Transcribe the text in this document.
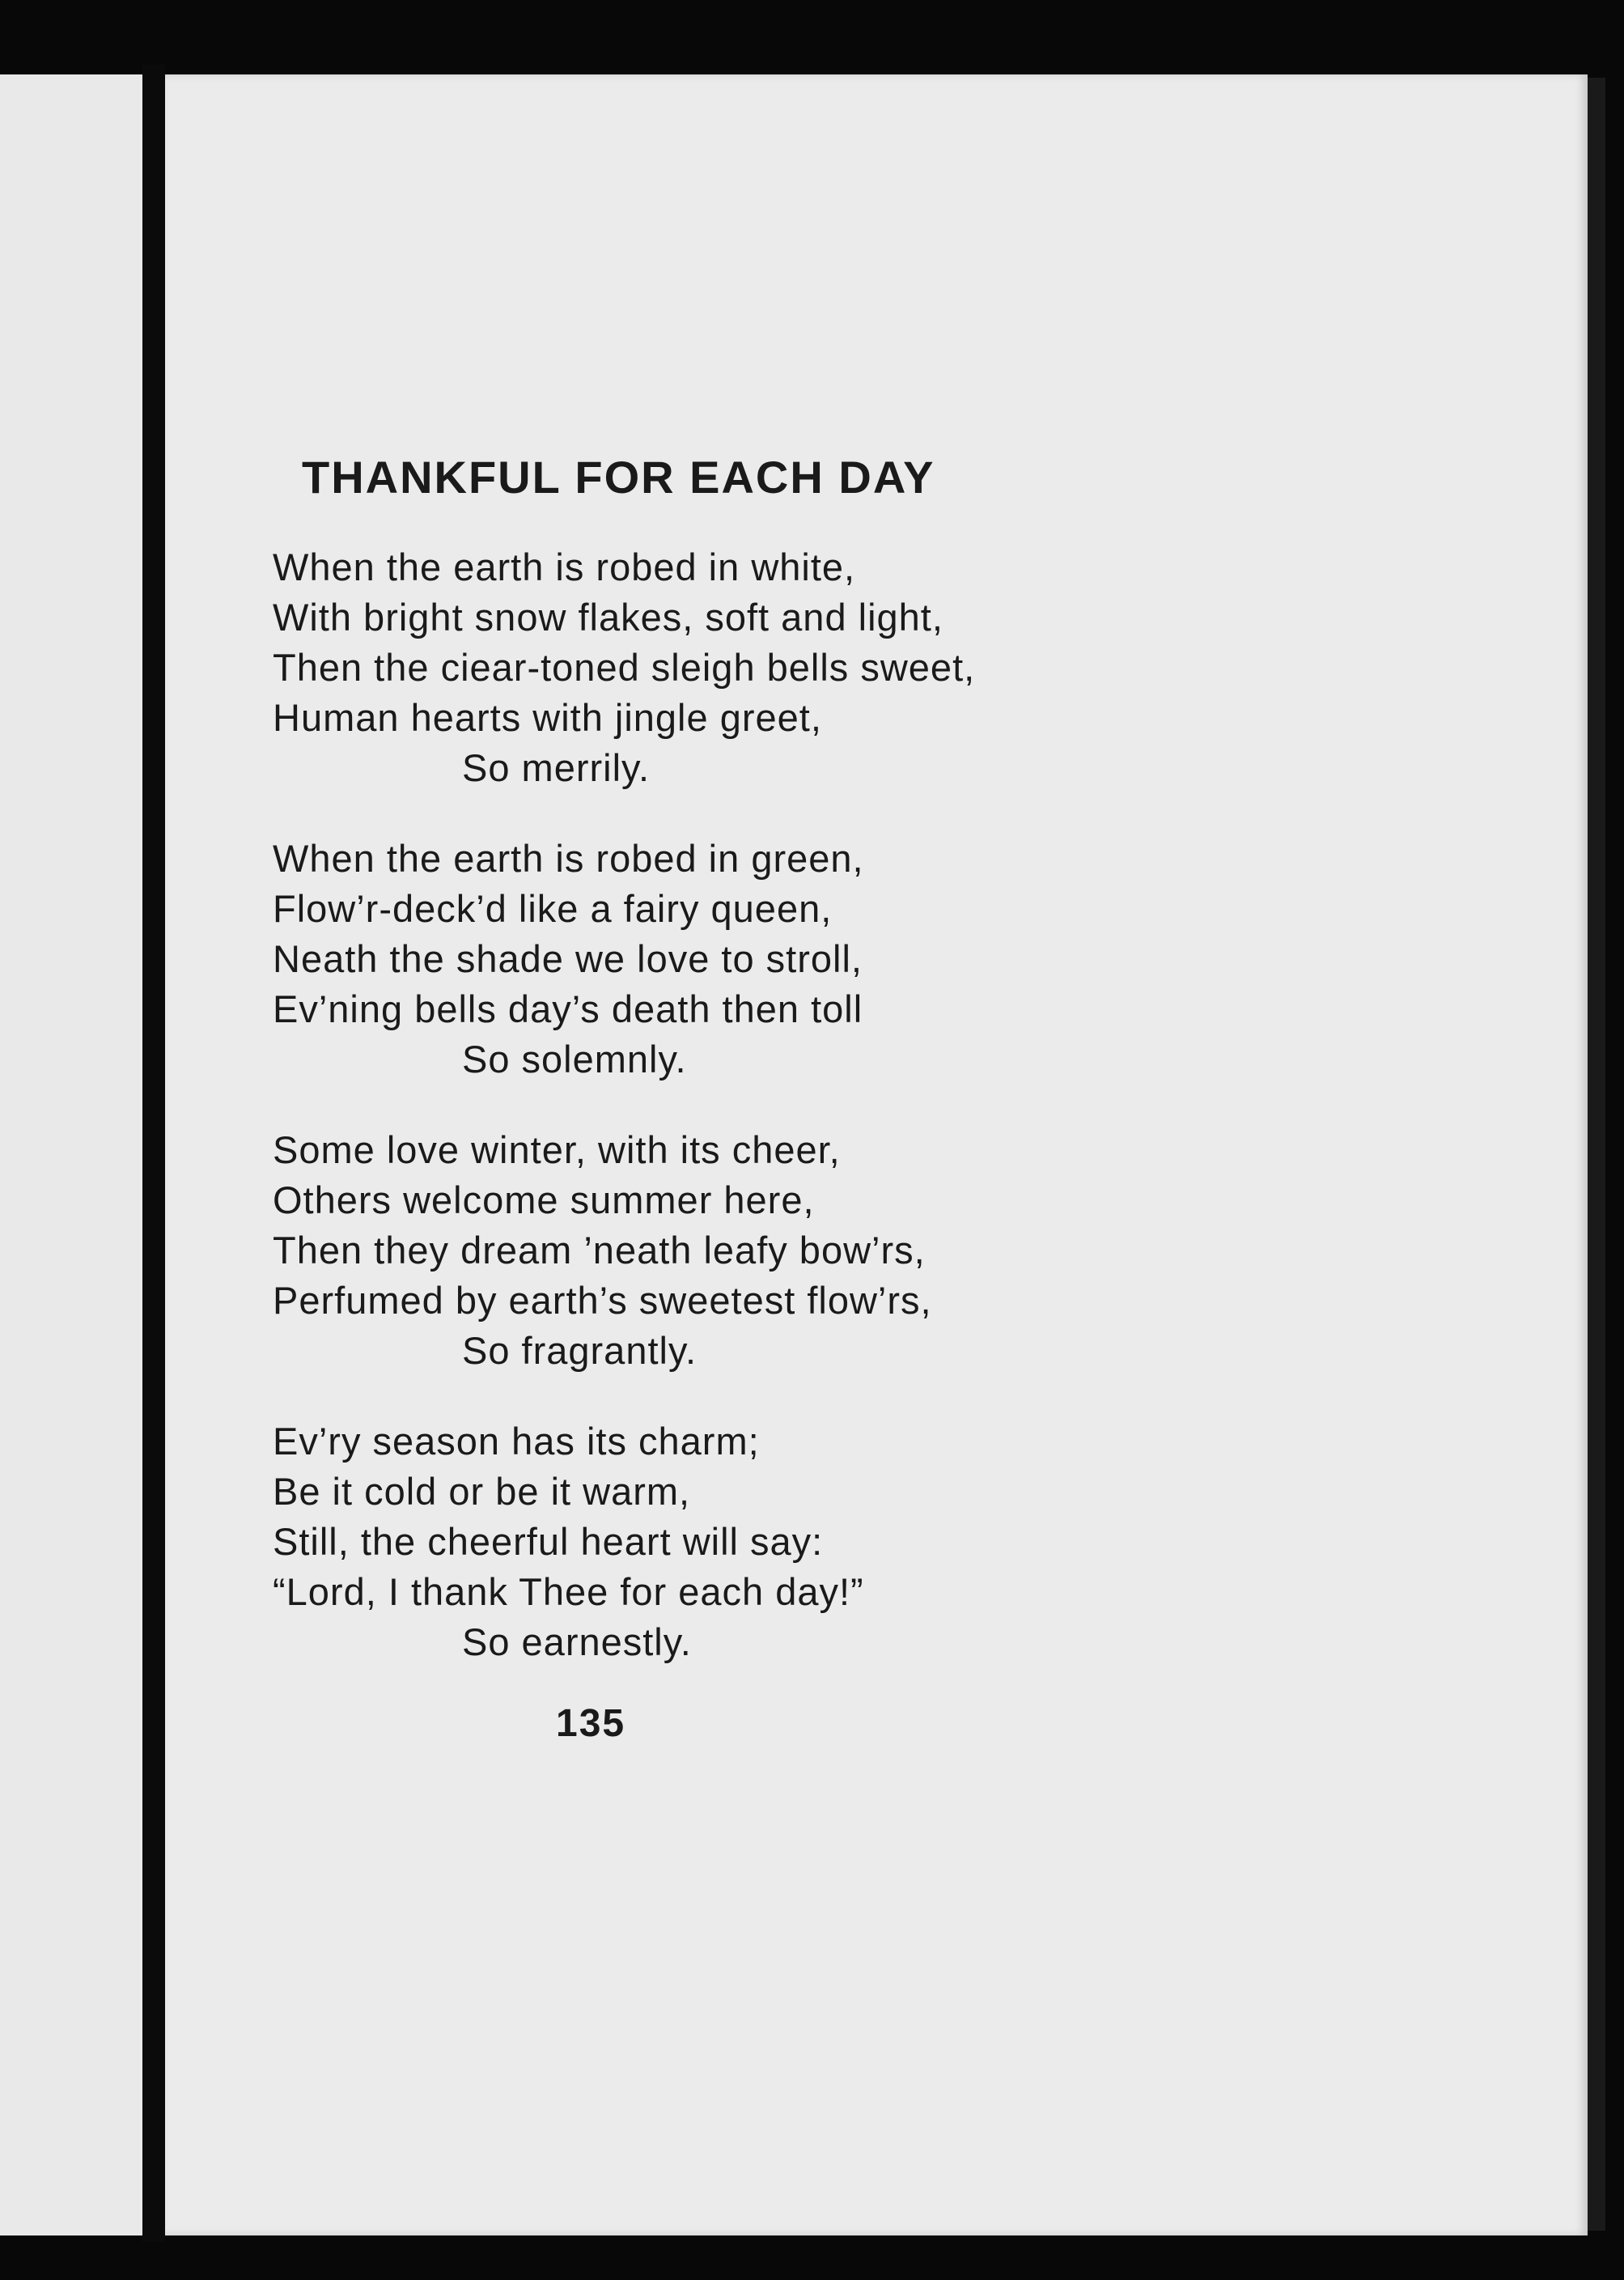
THANKFUL FOR EACH DAY
When the earth is robed in white,
With bright snow flakes, soft and light,
Then the ciear-toned sleigh bells sweet,
Human hearts with jingle greet,
So merrily.
When the earth is robed in green,
Flow’r-deck’d like a fairy queen,
Neath the shade we love to stroll,
Ev’ning bells day’s death then toll
So solemnly.
Some love winter, with its cheer,
Others welcome summer here,
Then they dream ’neath leafy bow’rs,
Perfumed by earth’s sweetest flow’rs,
So fragrantly.
Ev’ry season has its charm;
Be it cold or be it warm,
Still, the cheerful heart will say:
“Lord, I thank Thee for each day!”
So earnestly.
135
